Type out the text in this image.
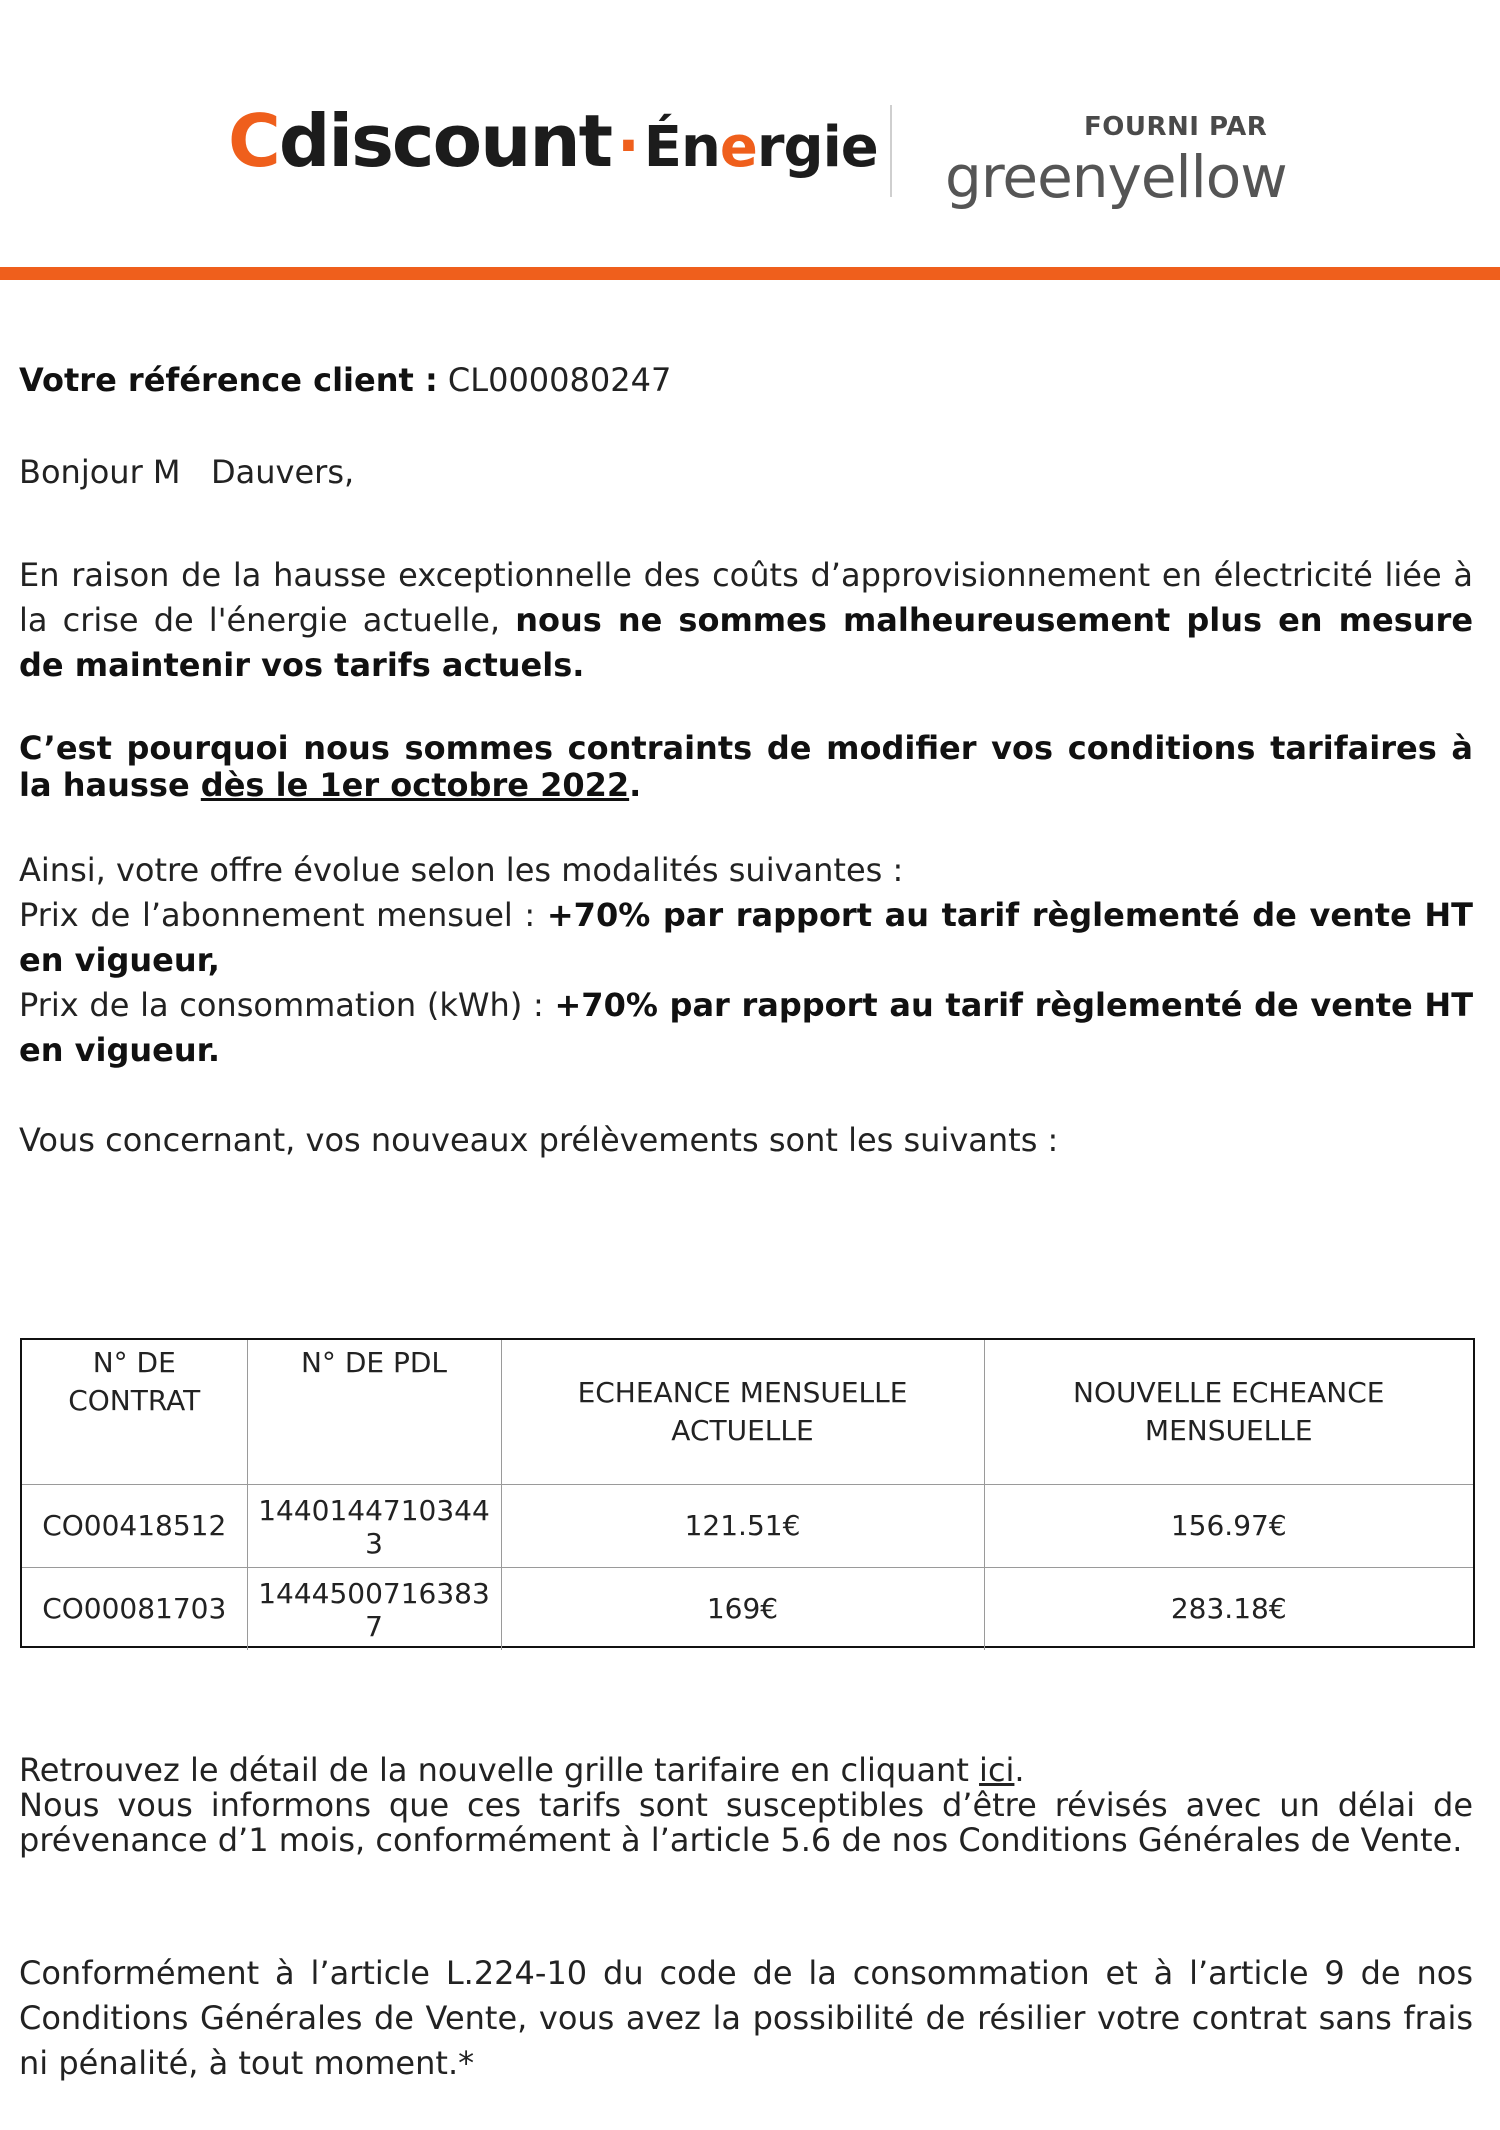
Cdiscount · Énergie	FOURNI PAR
greenyellow
Votre référence client : CL000080247
Bonjour M   Dauvers,
En raison de la hausse exceptionnelle des coûts d’approvisionnement en électricité liée à la crise de l'énergie actuelle, nous ne sommes malheureusement plus en mesure de maintenir vos tarifs actuels.
C’est pourquoi nous sommes contraints de modifier vos conditions tarifaires à la hausse dès le 1er octobre 2022.
Ainsi, votre offre évolue selon les modalités suivantes :
Prix de l’abonnement mensuel : +70% par rapport au tarif règlementé de vente HT en vigueur,
Prix de la consommation (kWh) : +70% par rapport au tarif règlementé de vente HT en vigueur.
Vous concernant, vos nouveaux prélèvements sont les suivants :
N° DE CONTRAT	N° DE PDL	ECHEANCE MENSUELLE ACTUELLE	NOUVELLE ECHEANCE MENSUELLE
CO00418512	14401447103443	121.51€	156.97€
CO00081703	14445007163837	169€	283.18€
Retrouvez le détail de la nouvelle grille tarifaire en cliquant ici.
Nous vous informons que ces tarifs sont susceptibles d’être révisés avec un délai de prévenance d’1 mois, conformément à l’article 5.6 de nos Conditions Générales de Vente.
Conformément à l’article L.224-10 du code de la consommation et à l’article 9 de nos Conditions Générales de Vente, vous avez la possibilité de résilier votre contrat sans frais ni pénalité, à tout moment.*
